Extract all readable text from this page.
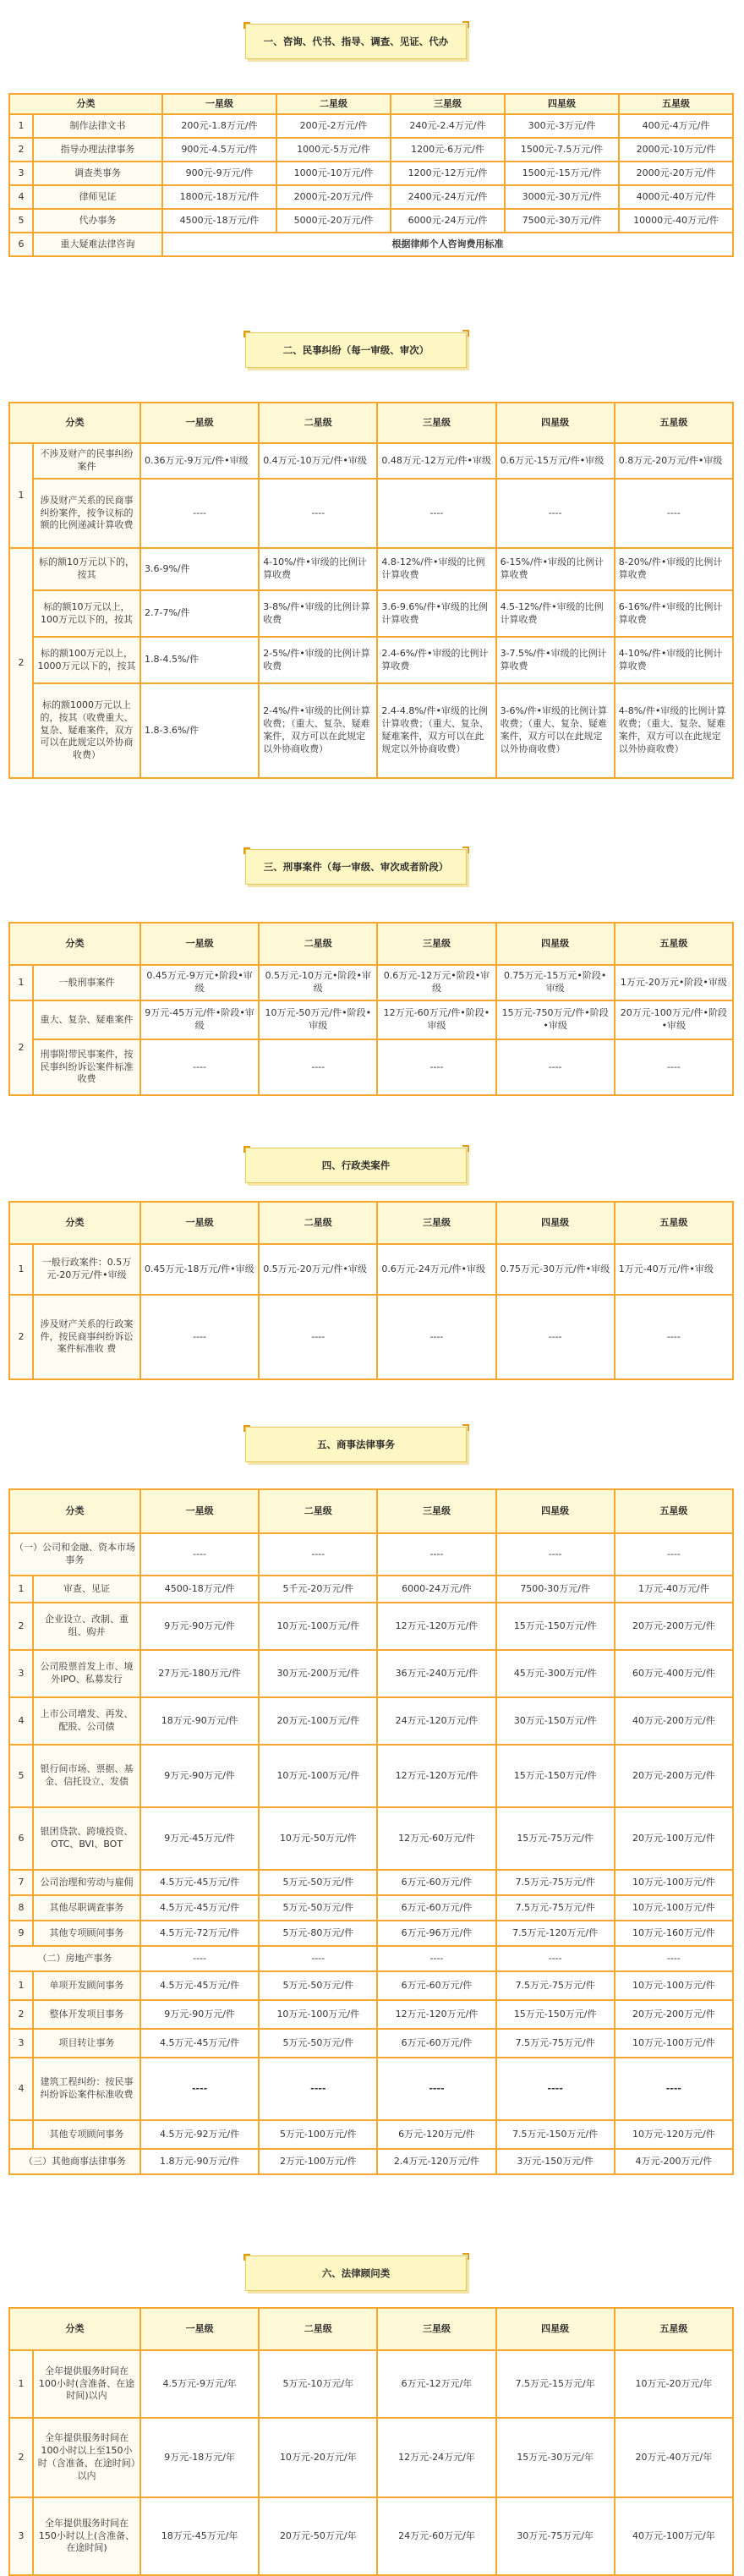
一、咨询、代书、指导、调查、见证、代办
分类		一星级	二星级	三星级	四星级	五星级
1	制作法律文书	200元-1.8万元/件	200元-2万元/件	240元-2.4万元/件	300元-3万元/件	400元-4万元/件
2	指导办理法律事务	900元-4.5万元/件	1000元-5万元/件	1200元-6万元/件	1500元-7.5万元/件	2000元-10万元/件
3	调查类事务	900元-9万元/件	1000元-10万元/件	1200元-12万元/件	1500元-15万元/件	2000元-20万元/件
4	律师见证	1800元-18万元/件	2000元-20万元/件	2400元-24万元/件	3000元-30万元/件	4000元-40万元/件
5	代办事务	4500元-18万元/件	5000元-20万元/件	6000元-24万元/件	7500元-30万元/件	10000元-40万元/件
6	重大疑难法律咨询	根据律师个人咨询费用标准				
二、民事纠纷（每一审级、审次）
分类		一星级	二星级	三星级	四星级	五星级
1	不涉及财产的民事纠纷案件	0.36万元-9万元/件•审级	0.4万元-10万元/件•审级	0.48万元-12万元/件•审级	0.6万元-15万元/件•审级	0.8万元-20万元/件•审级
	涉及财产关系的民商事纠纷案件，按争议标的额的比例递减计算收费	----	----	----	----	----
2	标的额10万元以下的，按其	3.6-9%/件	4-10%/件•审级的比例计算收费	4.8-12%/件•审级的比例计算收费	6-15%/件•审级的比例计算收费	8-20%/件•审级的比例计算收费
	标的额10万元以上，100万元以下的，按其	2.7-7%/件	3-8%/件•审级的比例计算收费	3.6-9.6%/件•审级的比例计算收费	4.5-12%/件•审级的比例计算收费	6-16%/件•审级的比例计算收费
	标的额100万元以上，1000万元以下的，按其	1.8-4.5%/件	2-5%/件•审级的比例计算收费	2.4-6%/件•审级的比例计算收费	3-7.5%/件•审级的比例计算收费	4-10%/件•审级的比例计算收费
	标的额1000万元以上的，按其（收费重大、复杂、疑难案件，双方可以在此规定以外协商收费）	1.8-3.6%/件	2-4%/件•审级的比例计算收费；（重大、复杂、疑难案件，双方可以在此规定以外协商收费）	2.4-4.8%/件•审级的比例计算收费；（重大、复杂、疑难案件，双方可以在此规定以外协商收费）	3-6%/件•审级的比例计算收费；（重大、复杂、疑难案件，双方可以在此规定以外协商收费）	4-8%/件•审级的比例计算收费；（重大、复杂、疑难案件，双方可以在此规定以外协商收费）
三、刑事案件（每一审级、审次或者阶段）
分类		一星级	二星级	三星级	四星级	五星级
1	一般刑事案件	0.45万元-9万元•阶段•审级	0.5万元-10万元•阶段•审级	0.6万元-12万元•阶段•审级	0.75万元-15万元•阶段•审级	1万元-20万元•阶段•审级
2	重大、复杂、疑难案件	9万元-45万元/件•阶段•审级	10万元-50万元/件•阶段•审级	12万元-60万元/件•阶段•审级	15万元-750万元/件•阶段•审级	20万元-100万元/件•阶段•审级
	刑事附带民事案件，按民事纠纷诉讼案件标准收费	----	----	----	----	----
四、行政类案件
分类		一星级	二星级	三星级	四星级	五星级
1	一般行政案件：0.5万元-20万元/件•审级	0.45万元-18万元/件•审级	0.5万元-20万元/件•审级	0.6万元-24万元/件•审级	0.75万元-30万元/件•审级	1万元-40万元/件•审级
2	涉及财产关系的行政案件，按民商事纠纷诉讼案件标准收 费	----	----	----	----	----
五、商事法律事务
分类		一星级	二星级	三星级	四星级	五星级
（一）公司和金融、资本市场事务		----	----	----	----	----
1	审查、见证	4500-18万元/件	5千元-20万元/件	6000-24万元/件	7500-30万元/件	1万元-40万元/件
2	企业设立、改制、重组、购并	9万元-90万元/件	10万元-100万元/件	12万元-120万元/件	15万元-150万元/件	20万元-200万元/件
3	公司股票首发上市、境外IPO、私募发行	27万元-180万元/件	30万元-200万元/件	36万元-240万元/件	45万元-300万元/件	60万元-400万元/件
4	上市公司增发、再发、配股、公司债	18万元-90万元/件	20万元-100万元/件	24万元-120万元/件	30万元-150万元/件	40万元-200万元/件
5	银行间市场、票据、基金、信托设立、发债	9万元-90万元/件	10万元-100万元/件	12万元-120万元/件	15万元-150万元/件	20万元-200万元/件
6	银团贷款、跨境投资、OTC、BVI、BOT	9万元-45万元/件	10万元-50万元/件	12万元-60万元/件	15万元-75万元/件	20万元-100万元/件
7	公司治理和劳动与雇佣	4.5万元-45万元/件	5万元-50万元/件	6万元-60万元/件	7.5万元-75万元/件	10万元-100万元/件
8	其他尽职调查事务	4.5万元-45万元/件	5万元-50万元/件	6万元-60万元/件	7.5万元-75万元/件	10万元-100万元/件
9	其他专项顾问事务	4.5万元-72万元/件	5万元-80万元/件	6万元-96万元/件	7.5万元-120万元/件	10万元-160万元/件
（二）房地产事务		----	----	----	----	----
1	单项开发顾问事务	4.5万元-45万元/件	5万元-50万元/件	6万元-60万元/件	7.5万元-75万元/件	10万元-100万元/件
2	整体开发项目事务	9万元-90万元/件	10万元-100万元/件	12万元-120万元/件	15万元-150万元/件	20万元-200万元/件
3	项目转让事务	4.5万元-45万元/件	5万元-50万元/件	6万元-60万元/件	7.5万元-75万元/件	10万元-100万元/件
4	建筑工程纠纷：按民事纠纷诉讼案件标准收费	----	----	----	----	----
	其他专项顾问事务	4.5万元-92万元/件	5万元-100万元/件	6万元-120万元/件	7.5万元-150万元/件	10万元-120万元/件
（三）其他商事法律事务		1.8万元-90万元/件	2万元-100万元/件	2.4万元-120万元/件	3万元-150万元/件	4万元-200万元/件
六、法律顾问类
分类		一星级	二星级	三星级	四星级	五星级
1	全年提供服务时间在100小时(含准备、在途时间)以内	4.5万元-9万元/年	5万元-10万元/年	6万元-12万元/年	7.5万元-15万元/年	10万元-20万元/年
2	全年提供服务时间在100小时以上至150小时（含准备、在途时间）以内	9万元-18万元/年	10万元-20万元/年	12万元-24万元/年	15万元-30万元/年	20万元-40万元/年
3	全年提供服务时间在150小时以上(含准备、在途时间)	18万元-45万元/年	20万元-50万元/年	24万元-60万元/年	30万元-75万元/年	40万元-100万元/年
